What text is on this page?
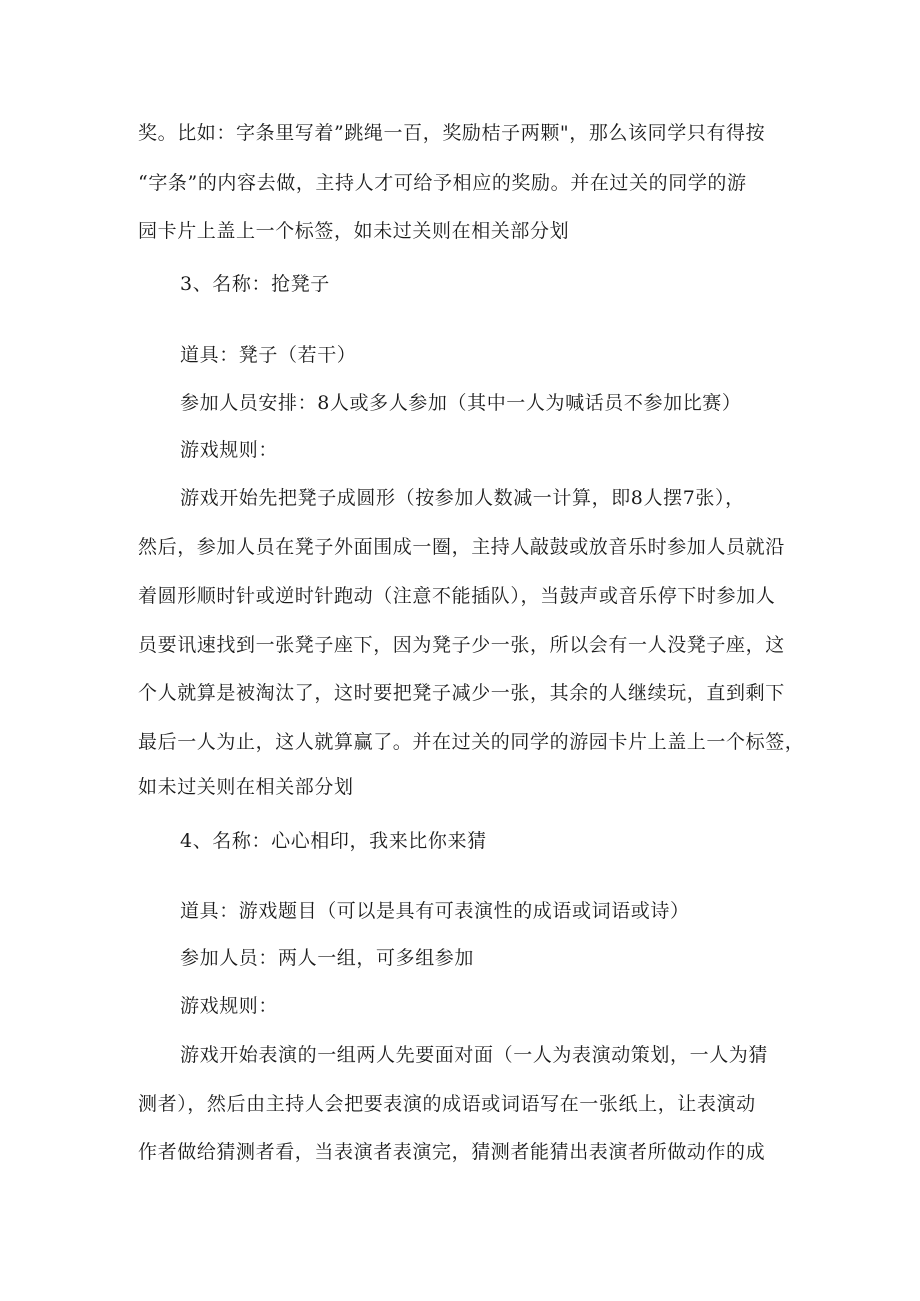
奖。比如：字条里写着”跳绳一百，奖励桔子两颗"，那么该同学只有得按
“字条”的内容去做，主持人才可给予相应的奖励。并在过关的同学的游
园卡片上盖上一个标签，如未过关则在相关部分划
3、名称：抢凳子
道具：凳子（若干）
参加人员安排：8人或多人参加（其中一人为喊话员不参加比赛）
游戏规则：
游戏开始先把凳子成圆形（按参加人数减一计算，即8人摆7张），
然后，参加人员在凳子外面围成一圈，主持人敲鼓或放音乐时参加人员就沿
着圆形顺时针或逆时针跑动（注意不能插队），当鼓声或音乐停下时参加人
员要讯速找到一张凳子座下，因为凳子少一张，所以会有一人没凳子座，这
个人就算是被淘汰了，这时要把凳子减少一张，其余的人继续玩，直到剩下
最后一人为止，这人就算赢了。并在过关的同学的游园卡片上盖上一个标签，
如未过关则在相关部分划
4、名称：心心相印，我来比你来猜
道具：游戏题目（可以是具有可表演性的成语或词语或诗）
参加人员：两人一组，可多组参加
游戏规则：
游戏开始表演的一组两人先要面对面（一人为表演动策划，一人为猜
测者），然后由主持人会把要表演的成语或词语写在一张纸上，让表演动
作者做给猜测者看，当表演者表演完，猜测者能猜出表演者所做动作的成
